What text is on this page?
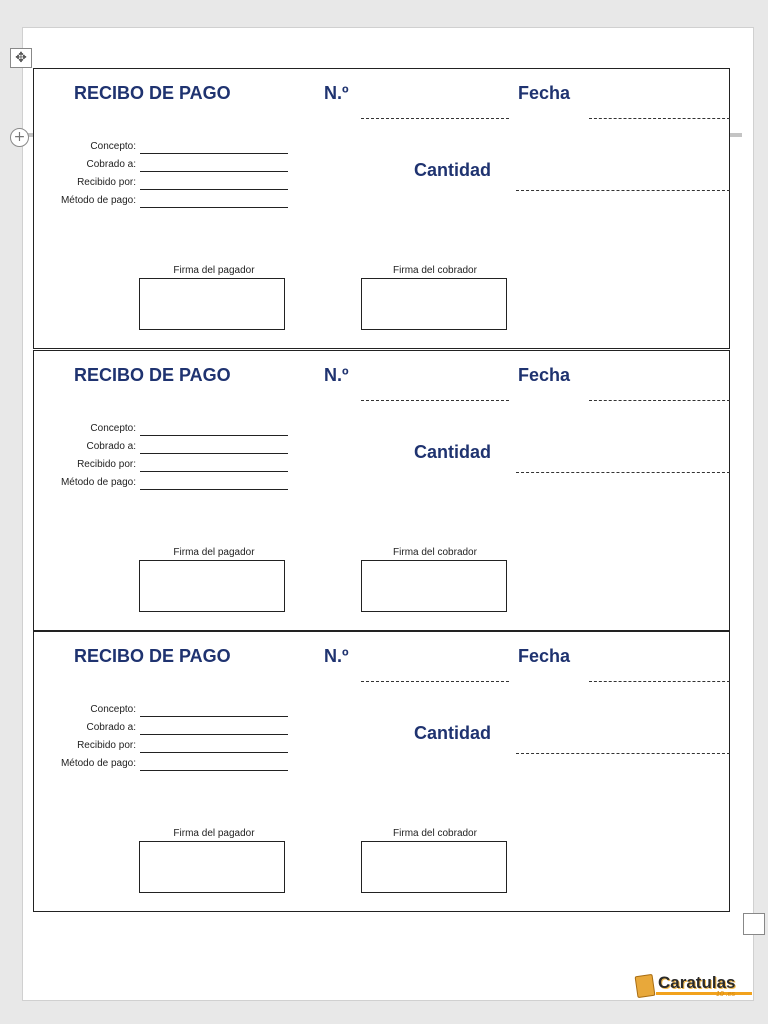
✥
+
RECIBO DE PAGO	N.º	Fecha
Cantidad
Concepto:
Cobrado a:
Recibido por:
Método de pago:
Firma del pagador	Firma del cobrador
RECIBO DE PAGO	N.º	Fecha
Cantidad
Concepto:
Cobrado a:
Recibido por:
Método de pago:
Firma del pagador	Firma del cobrador
RECIBO DE PAGO	N.º	Fecha
Cantidad
Concepto:
Cobrado a:
Recibido por:
Método de pago:
Firma del pagador	Firma del cobrador
Caratulas
10 .es
